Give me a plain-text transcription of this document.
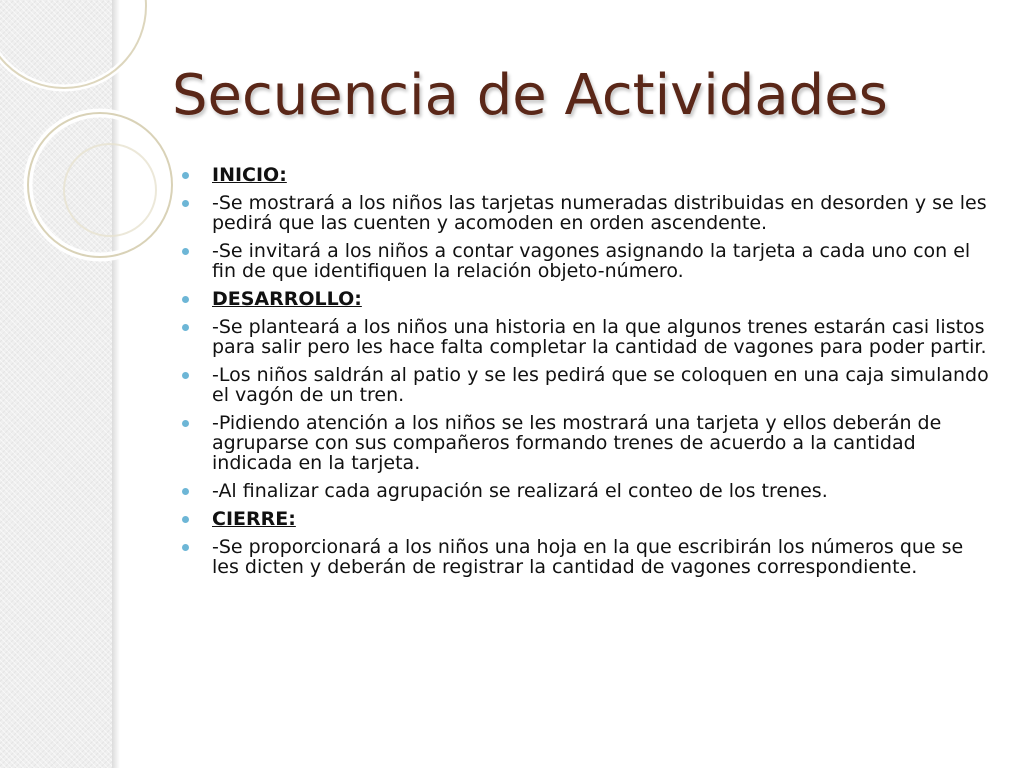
Secuencia de Actividades
INICIO:
-Se mostrará a los niños las tarjetas numeradas distribuidas en desorden y se les pedirá que las cuenten y acomoden en orden ascendente.
-Se invitará a los niños a contar vagones asignando la tarjeta a cada uno con el fin de que identifiquen la relación objeto-número.
DESARROLLO:
-Se planteará a los niños una historia en la que algunos trenes estarán casi listos para salir pero les hace falta completar la cantidad de vagones para poder partir.
-Los niños saldrán al patio y se les pedirá que se coloquen en una caja simulando el vagón de un tren.
-Pidiendo atención a los niños se les mostrará una tarjeta y ellos deberán de agruparse con sus compañeros formando trenes de acuerdo a la cantidad indicada en la tarjeta.
-Al finalizar cada agrupación se realizará el conteo de los trenes.
CIERRE:
-Se proporcionará a los niños una hoja en la que escribirán los números que se les dicten y deberán de registrar la cantidad de vagones correspondiente.
